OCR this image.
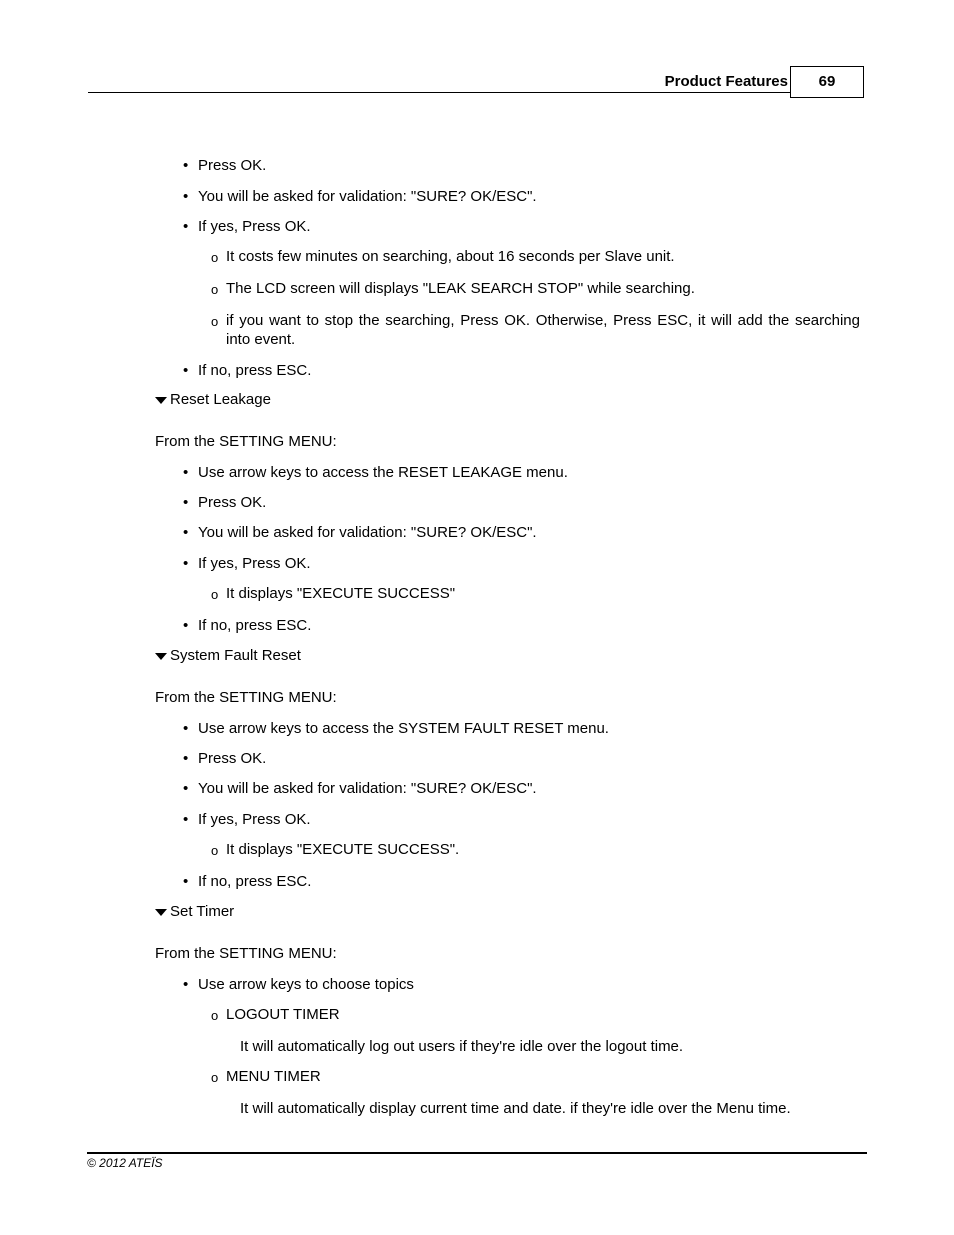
Product Features	69
• Press OK.
• You will be asked for validation: "SURE? OK/ESC".
• If yes, Press OK.
o It costs few minutes on searching, about 16 seconds per Slave unit.
o The LCD screen will displays "LEAK SEARCH STOP" while searching.
o if you want to stop the searching, Press OK. Otherwise, Press ESC, it will add the searching into event.
• If no, press ESC.
Reset Leakage
From the SETTING MENU:
• Use arrow keys to access the RESET LEAKAGE menu.
• Press OK.
• You will be asked for validation: "SURE? OK/ESC".
• If yes, Press OK.
o It displays "EXECUTE SUCCESS"
• If no, press ESC.
System Fault Reset
From the SETTING MENU:
• Use arrow keys to access the SYSTEM FAULT RESET menu.
• Press OK.
• You will be asked for validation: "SURE? OK/ESC".
• If yes, Press OK.
o It displays "EXECUTE SUCCESS".
• If no, press ESC.
Set Timer
From the SETTING MENU:
• Use arrow keys to choose topics
o LOGOUT TIMER
It will automatically log out users if they're idle over the logout time.
o MENU TIMER
It will automatically display current time and date. if they're idle over the Menu time.
© 2012 ATEÏS
